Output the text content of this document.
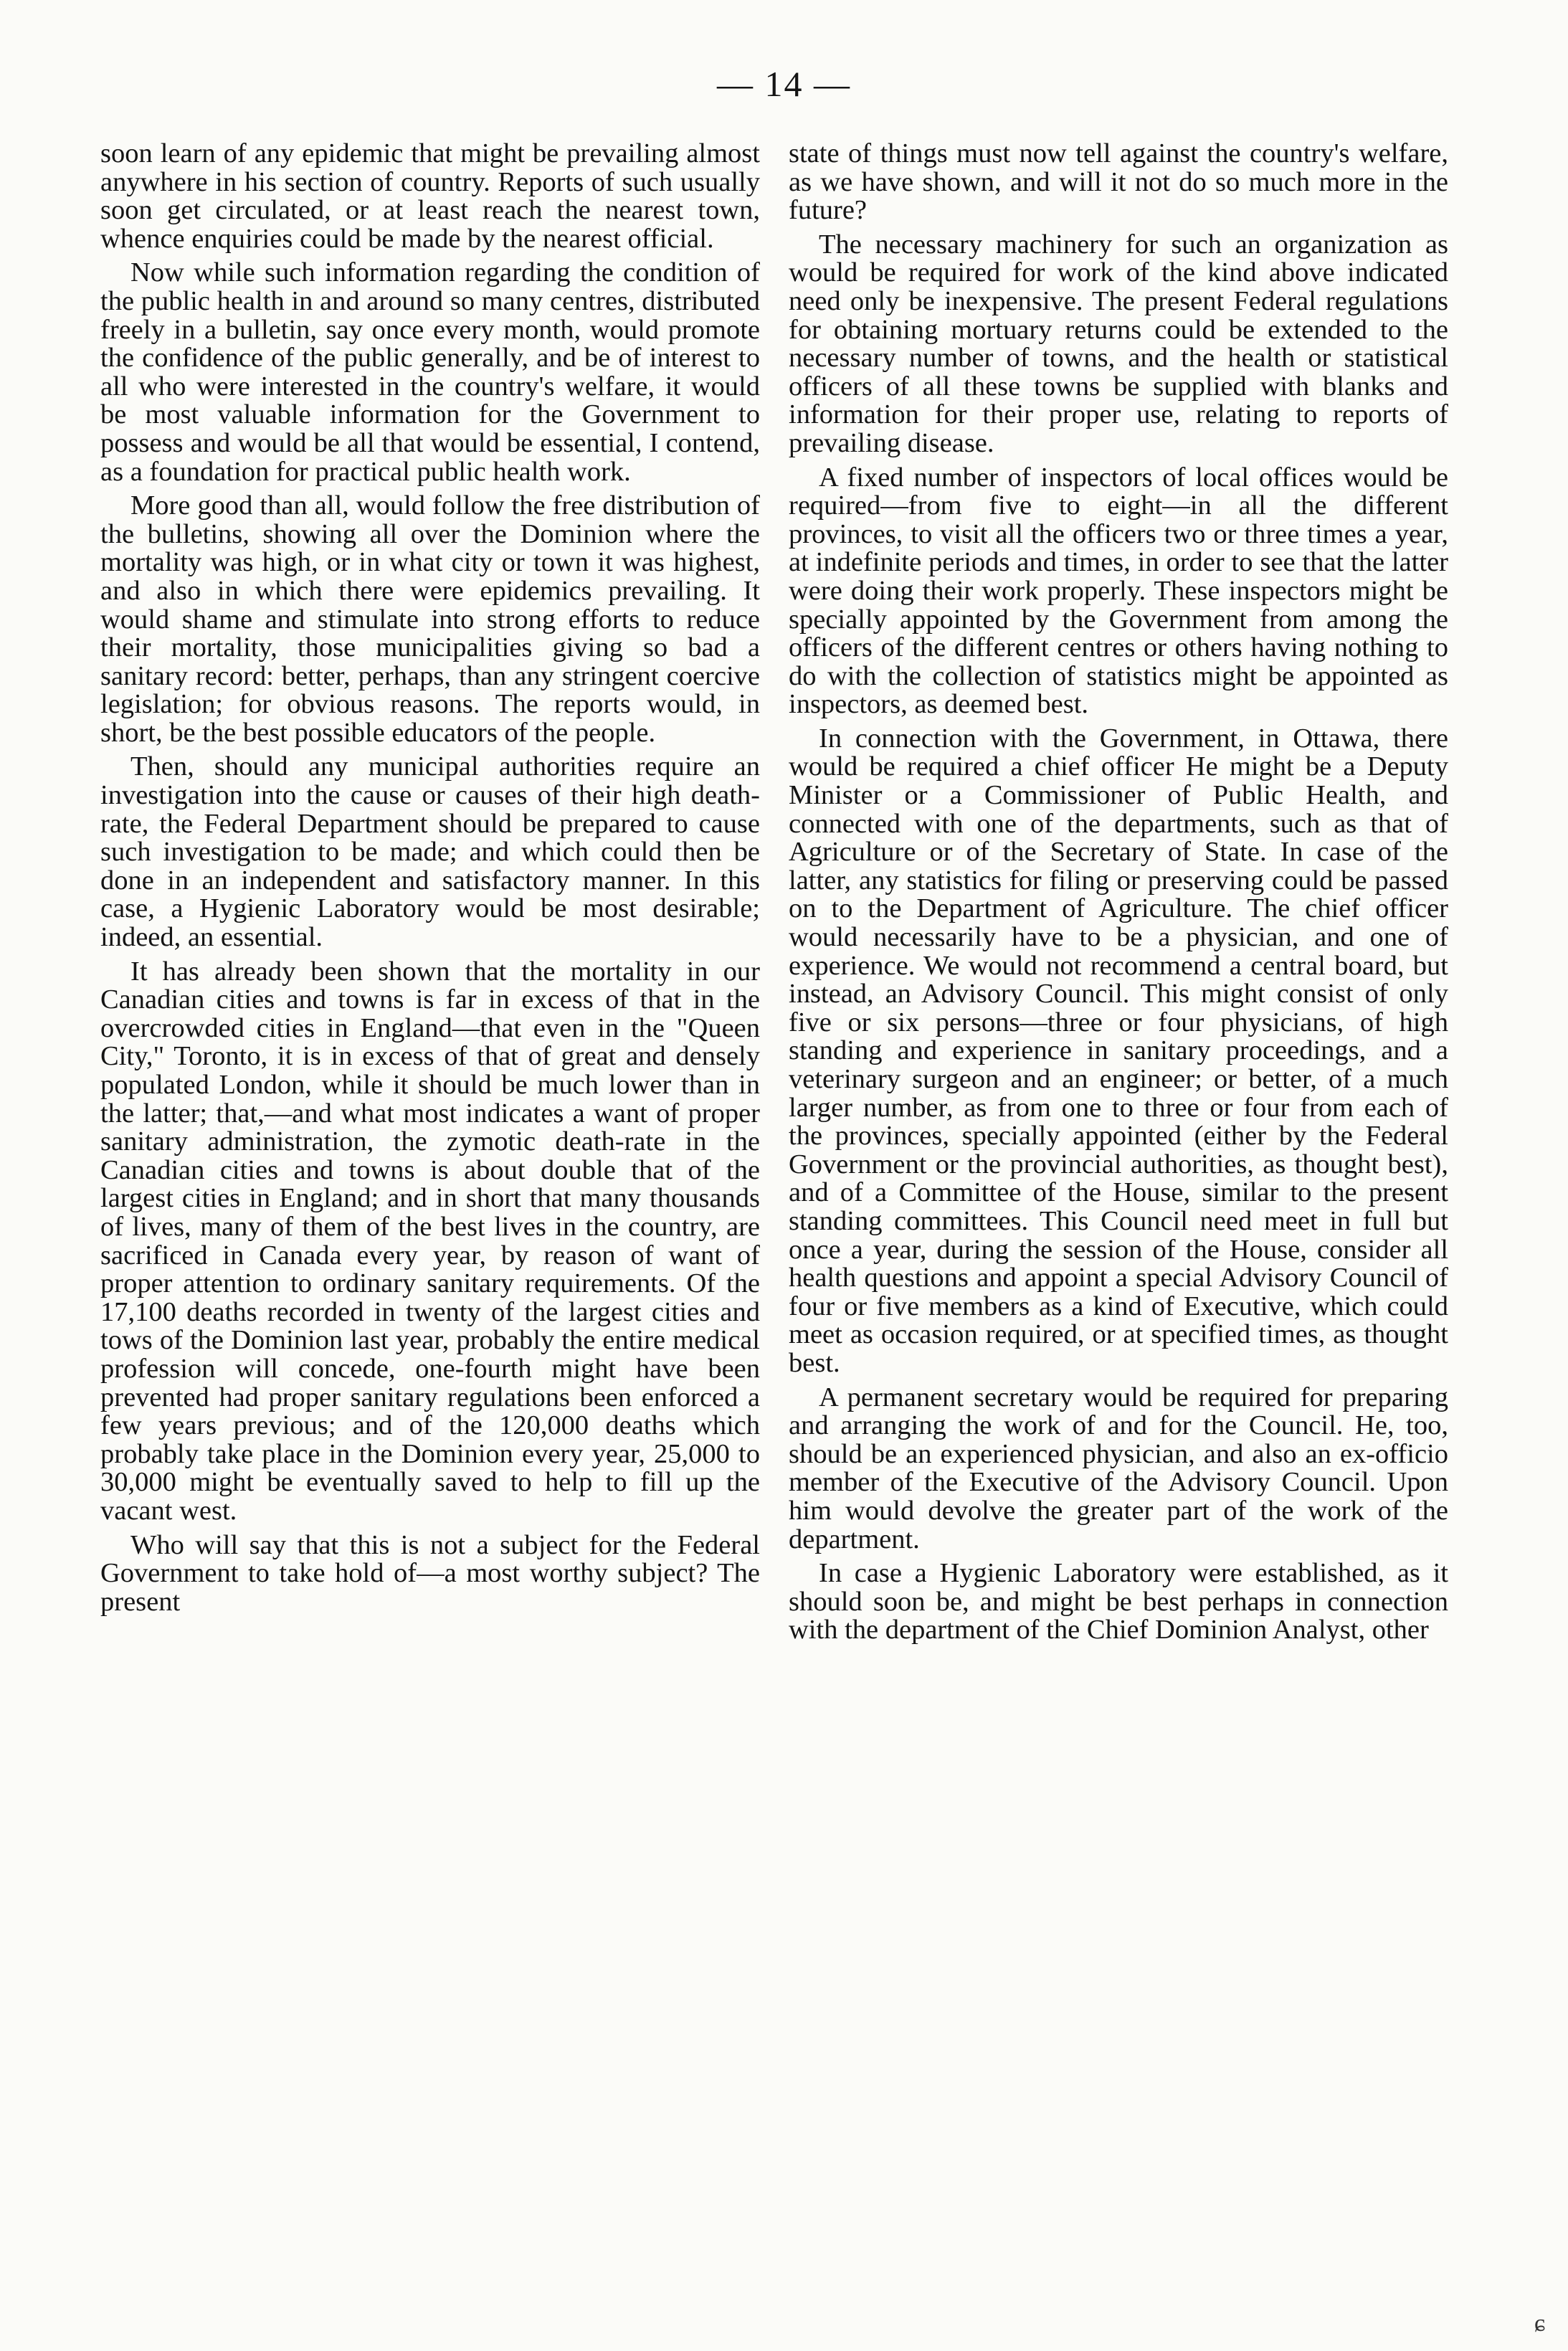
— 14 —

soon learn of any epidemic that might be prevailing almost anywhere in his section of country. Reports of such usually soon get circulated, or at least reach the nearest town, whence enquiries could be made by the nearest official.

Now while such information regarding the condition of the public health in and around so many centres, distributed freely in a bulletin, say once every month, would promote the confidence of the public generally, and be of interest to all who were interested in the country's welfare, it would be most valuable information for the Government to possess and would be all that would be essential, I contend, as a foundation for practical public health work.

More good than all, would follow the free distribution of the bulletins, showing all over the Dominion where the mortality was high, or in what city or town it was highest, and also in which there were epidemics prevailing. It would shame and stimulate into strong efforts to reduce their mortality, those municipalities giving so bad a sanitary record: better, perhaps, than any stringent coercive legislation; for obvious reasons. The reports would, in short, be the best possible educators of the people.

Then, should any municipal authorities require an investigation into the cause or causes of their high death-rate, the Federal Department should be prepared to cause such investigation to be made; and which could then be done in an independent and satisfactory manner. In this case, a Hygienic Laboratory would be most desirable; indeed, an essential.

It has already been shown that the mortality in our Canadian cities and towns is far in excess of that in the overcrowded cities in England—that even in the "Queen City," Toronto, it is in excess of that of great and densely populated London, while it should be much lower than in the latter; that,—and what most indicates a want of proper sanitary administration, the zymotic death-rate in the Canadian cities and towns is about double that of the largest cities in England; and in short that many thousands of lives, many of them of the best lives in the country, are sacrificed in Canada every year, by reason of want of proper attention to ordinary sanitary requirements. Of the 17,100 deaths recorded in twenty of the largest cities and tows of the Dominion last year, probably the entire medical profession will concede, one-fourth might have been prevented had proper sanitary regulations been enforced a few years previous; and of the 120,000 deaths which probably take place in the Dominion every year, 25,000 to 30,000 might be eventually saved to help to fill up the vacant west.

Who will say that this is not a subject for the Federal Government to take hold of—a most worthy subject? The present

state of things must now tell against the country's welfare, as we have shown, and will it not do so much more in the future?

The necessary machinery for such an organization as would be required for work of the kind above indicated need only be inexpensive. The present Federal regulations for obtaining mortuary returns could be extended to the necessary number of towns, and the health or statistical officers of all these towns be supplied with blanks and information for their proper use, relating to reports of prevailing disease.

A fixed number of inspectors of local offices would be required—from five to eight—in all the different provinces, to visit all the officers two or three times a year, at indefinite periods and times, in order to see that the latter were doing their work properly. These inspectors might be specially appointed by the Government from among the officers of the different centres or others having nothing to do with the collection of statistics might be appointed as inspectors, as deemed best.

In connection with the Government, in Ottawa, there would be required a chief officer He might be a Deputy Minister or a Commissioner of Public Health, and connected with one of the departments, such as that of Agriculture or of the Secretary of State. In case of the latter, any statistics for filing or preserving could be passed on to the Department of Agriculture. The chief officer would necessarily have to be a physician, and one of experience. We would not recommend a central board, but instead, an Advisory Council. This might consist of only five or six persons—three or four physicians, of high standing and experience in sanitary proceedings, and a veterinary surgeon and an engineer; or better, of a much larger number, as from one to three or four from each of the provinces, specially appointed (either by the Federal Government or the provincial authorities, as thought best), and of a Committee of the House, similar to the present standing committees. This Council need meet in full but once a year, during the session of the House, consider all health questions and appoint a special Advisory Council of four or five members as a kind of Executive, which could meet as occasion required, or at specified times, as thought best.

A permanent secretary would be required for preparing and arranging the work of and for the Council. He, too, should be an experienced physician, and also an ex-officio member of the Executive of the Advisory Council. Upon him would devolve the greater part of the work of the department.

In case a Hygienic Laboratory were established, as it should soon be, and might be best perhaps in connection with the department of the Chief Dominion Analyst, other

ɕ
